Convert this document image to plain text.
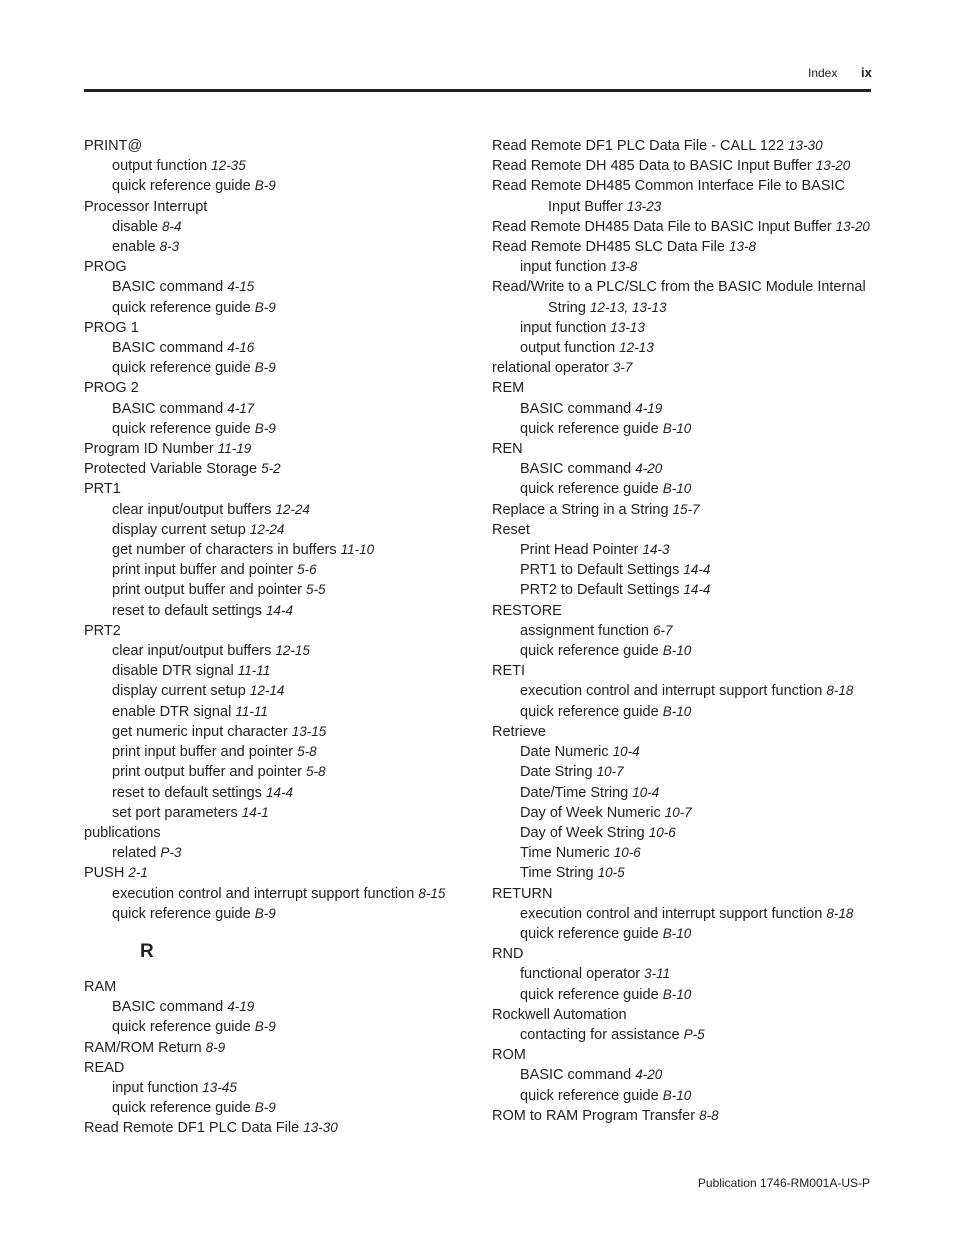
Index ix
PRINT@
output function 12-35
quick reference guide B-9
Processor Interrupt
disable 8-4
enable 8-3
PROG
BASIC command 4-15
quick reference guide B-9
PROG 1
BASIC command 4-16
quick reference guide B-9
PROG 2
BASIC command 4-17
quick reference guide B-9
Program ID Number 11-19
Protected Variable Storage 5-2
PRT1
clear input/output buffers 12-24
display current setup 12-24
get number of characters in buffers 11-10
print input buffer and pointer 5-6
print output buffer and pointer 5-5
reset to default settings 14-4
PRT2
clear input/output buffers 12-15
disable DTR signal 11-11
display current setup 12-14
enable DTR signal 11-11
get numeric input character 13-15
print input buffer and pointer 5-8
print output buffer and pointer 5-8
reset to default settings 14-4
set port parameters 14-1
publications
related P-3
PUSH 2-1
execution control and interrupt support function 8-15
quick reference guide B-9
R
RAM
BASIC command 4-19
quick reference guide B-9
RAM/ROM Return 8-9
READ
input function 13-45
quick reference guide B-9
Read Remote DF1 PLC Data File 13-30
Read Remote DF1 PLC Data File - CALL 122 13-30
Read Remote DH 485 Data to BASIC Input Buffer 13-20
Read Remote DH485 Common Interface File to BASIC Input Buffer 13-23
Read Remote DH485 Data File to BASIC Input Buffer 13-20
Read Remote DH485 SLC Data File 13-8
input function 13-8
Read/Write to a PLC/SLC from the BASIC Module Internal String 12-13, 13-13
input function 13-13
output function 12-13
relational operator 3-7
REM
BASIC command 4-19
quick reference guide B-10
REN
BASIC command 4-20
quick reference guide B-10
Replace a String in a String 15-7
Reset
Print Head Pointer 14-3
PRT1 to Default Settings 14-4
PRT2 to Default Settings 14-4
RESTORE
assignment function 6-7
quick reference guide B-10
RETI
execution control and interrupt support function 8-18
quick reference guide B-10
Retrieve
Date Numeric 10-4
Date String 10-7
Date/Time String 10-4
Day of Week Numeric 10-7
Day of Week String 10-6
Time Numeric 10-6
Time String 10-5
RETURN
execution control and interrupt support function 8-18
quick reference guide B-10
RND
functional operator 3-11
quick reference guide B-10
Rockwell Automation
contacting for assistance P-5
ROM
BASIC command 4-20
quick reference guide B-10
ROM to RAM Program Transfer 8-8
Publication 1746-RM001A-US-P
